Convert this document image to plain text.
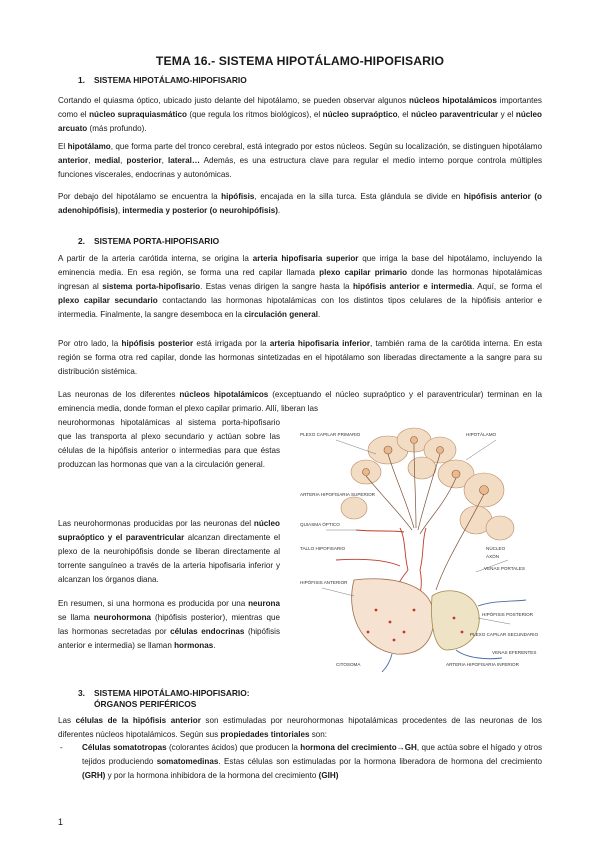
TEMA 16.- SISTEMA HIPOTÁLAMO-HIPOFISARIO
1. SISTEMA HIPOTÁLAMO-HIPOFISARIO

Cortando el quiasma óptico, ubicado justo delante del hipotálamo, se pueden observar algunos núcleos hipotalámicos importantes como el núcleo supraquiasmático (que regula los ritmos biológicos), el núcleo supraóptico, el núcleo paraventricular y el núcleo arcuato (más profundo).

El hipotálamo, que forma parte del tronco cerebral, está integrado por estos núcleos. Según su localización, se distinguen hipotálamo anterior, medial, posterior, lateral… Además, es una estructura clave para regular el medio interno porque controla múltiples funciones viscerales, endocrinas y autonómicas.

Por debajo del hipotálamo se encuentra la hipófisis, encajada en la silla turca. Esta glándula se divide en hipófisis anterior (o adenohipófisis), intermedia y posterior (o neurohipófisis).

2. SISTEMA PORTA-HIPOFISARIO

A partir de la arteria carótida interna, se origina la arteria hipofisaria superior que irriga la base del hipotálamo, incluyendo la eminencia media. En esa región, se forma una red capilar llamada plexo capilar primario donde las hormonas hipotalámicas ingresan al sistema porta-hipofisario. Estas venas dirigen la sangre hasta la hipófisis anterior e intermedia. Aquí, se forma el plexo capilar secundario contactando las hormonas hipotalámicas con los distintos tipos celulares de la hipófisis anterior e intermedia. Finalmente, la sangre desemboca en la circulación general.

Por otro lado, la hipófisis posterior está irrigada por la arteria hipofisaria inferior, también rama de la carótida interna. En esta región se forma otra red capilar, donde las hormonas sintetizadas en el hipotálamo son liberadas directamente a la sangre para su distribución sistémica.

Las neuronas de los diferentes núcleos hipotalámicos (exceptuando el núcleo supraóptico y el paraventricular) terminan en la eminencia media, donde forman el plexo capilar primario. Allí, liberan las

neurohormonas hipotalámicas al sistema porta-hipofisario que las transporta al plexo secundario y actúan sobre las células de la hipófisis anterior o intermedias para que éstas produzcan las hormonas que van a la circulación general.

Las neurohormonas producidas por las neuronas del núcleo supraóptico y el paraventricular alcanzan directamente el plexo de la neurohipófisis donde se liberan directamente al torrente sanguíneo a través de la arteria hipofisaria inferior y alcanzan los órganos diana.

En resumen, si una hormona es producida por una neurona se llama neurohormona (hipófisis posterior), mientras que las hormonas secretadas por células endocrinas (hipófisis anterior e intermedia) se llaman hormonas.

PLEXO CAPILAR PRIMARIO
ARTERIA HIPOFISARIA SUPERIOR
QUIASMA ÓPTICO
TALLO HIPOFISARIO
HIPÓFISIS ANTERIOR
HIPOTÁLAMO
NÚCLEO
AXÓN
VENAS PORTALES
HIPÓFISIS POSTERIOR
PLEXO CAPILAR SECUNDARIO
CITOSOMA	ARTERIA HIPOFISARIA INFERIOR
VENAS EFERENTES
3. SISTEMA HIPOTÁLAMO-HIPOFISARIO:
ÓRGANOS PERIFÉRICOS

Las células de la hipófisis anterior son estimuladas por neurohormonas hipotalámicas procedentes de las neuronas de los diferentes núcleos hipotalámicos. Según sus propiedades tintoriales son:

- Células somatotropas (colorantes ácidos) que producen la hormona del crecimiento→GH, que actúa sobre el hígado y otros tejidos produciendo somatomedinas. Estas células son estimuladas por la hormona liberadora de hormona del crecimiento (GRH) y por la hormona inhibidora de la hormona del crecimiento (GIH)
1
